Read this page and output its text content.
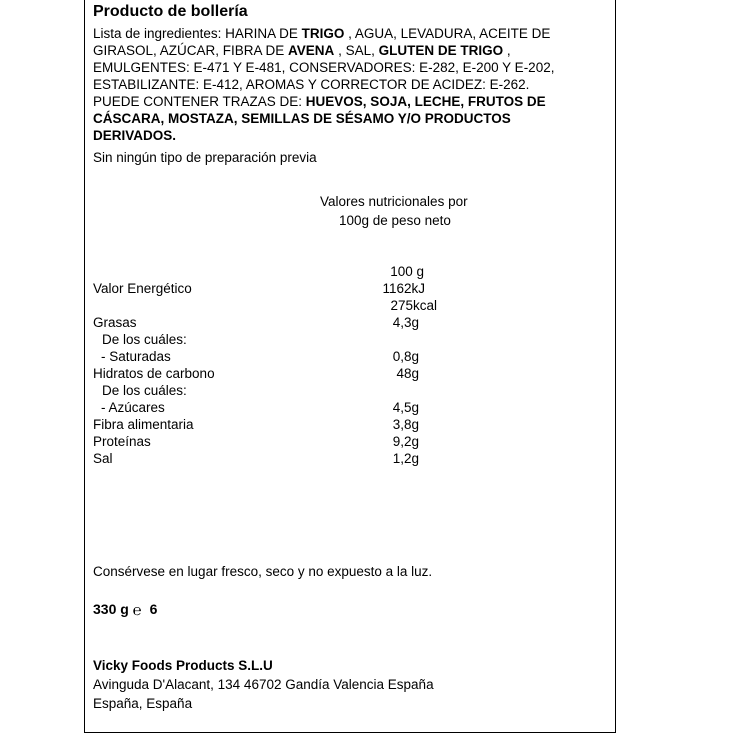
Producto de bollería
Lista de ingredientes: HARINA DE TRIGO , AGUA, LEVADURA, ACEITE DE
GIRASOL, AZÚCAR, FIBRA DE AVENA , SAL, GLUTEN DE TRIGO ,
EMULGENTES: E-471 Y E-481, CONSERVADORES: E-282, E-200 Y E-202,
ESTABILIZANTE: E-412, AROMAS Y CORRECTOR DE ACIDEZ: E-262.
PUEDE CONTENER TRAZAS DE: HUEVOS, SOJA, LECHE, FRUTOS DE
CÁSCARA, MOSTAZA, SEMILLAS DE SÉSAMO Y/O PRODUCTOS
DERIVADOS.
Sin ningún tipo de preparación previa
Valores nutricionales por
100g de peso neto
100 g
Valor Energético	1162kJ
275kcal
Grasas	4,3g
De los cuáles:
- Saturadas	0,8g
Hidratos de carbono	48g
De los cuáles:
- Azúcares	4,5g
Fibra alimentaria	3,8g
Proteínas	9,2g
Sal	1,2g
Consérvese en lugar fresco, seco y no expuesto a la luz.
330 g ℮ 6
Vicky Foods Products S.L.U
Avinguda D'Alacant, 134 46702 Gandía Valencia España
España, España
